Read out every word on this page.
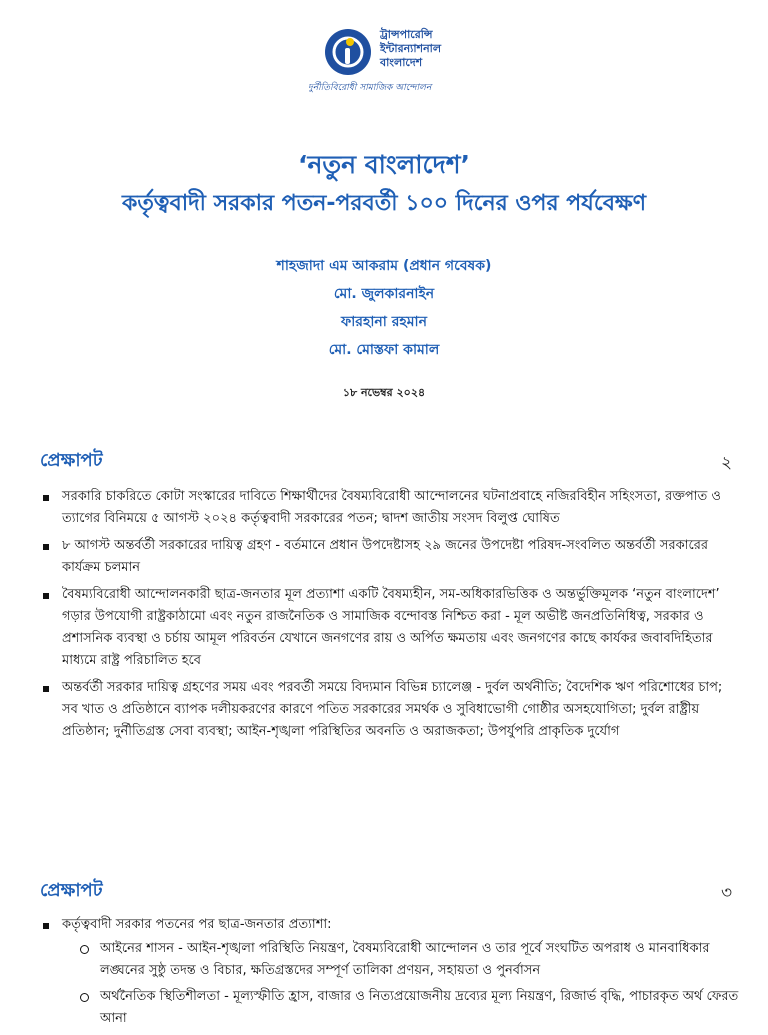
ট্রান্সপারেন্সি
ইন্টারন্যাশনাল
বাংলাদেশ
দুর্নীতিবিরোধী সামাজিক আন্দোলন
‘নতুন বাংলাদেশ’
কর্তৃত্ববাদী সরকার পতন-পরবর্তী ১০০ দিনের ওপর পর্যবেক্ষণ
শাহজাদা এম আকরাম (প্রধান গবেষক)
মো. জুলকারনাইন
ফারহানা রহমান
মো. মোস্তফা কামাল
১৮ নভেম্বর ২০২৪
প্রেক্ষাপট	২
সরকারি চাকরিতে কোটা সংস্কারের দাবিতে শিক্ষার্থীদের বৈষম্যবিরোধী আন্দোলনের ঘটনাপ্রবাহে নজিরবিহীন সহিংসতা, রক্তপাত ও ত্যাগের বিনিময়ে ৫ আগস্ট ২০২৪ কর্তৃত্ববাদী সরকারের পতন; দ্বাদশ জাতীয় সংসদ বিলুপ্ত ঘোষিত
৮ আগস্ট অন্তর্বর্তী সরকারের দায়িত্ব গ্রহণ - বর্তমানে প্রধান উপদেষ্টাসহ ২৯ জনের উপদেষ্টা পরিষদ-সংবলিত অন্তর্বর্তী সরকারের কার্যক্রম চলমান
বৈষম্যবিরোধী আন্দোলনকারী ছাত্র-জনতার মূল প্রত্যাশা একটি বৈষম্যহীন, সম-অধিকারভিত্তিক ও অন্তর্ভুক্তিমূলক ‘নতুন বাংলাদেশ’ গড়ার উপযোগী রাষ্ট্রকাঠামো এবং নতুন রাজনৈতিক ও সামাজিক বন্দোবস্ত নিশ্চিত করা - মূল অভীষ্ট জনপ্রতিনিধিত্ব, সরকার ও প্রশাসনিক ব্যবস্থা ও চর্চায় আমূল পরিবর্তন যেখানে জনগণের রায় ও অর্পিত ক্ষমতায় এবং জনগণের কাছে কার্যকর জবাবদিহিতার মাধ্যমে রাষ্ট্র পরিচালিত হবে
অন্তর্বর্তী সরকার দায়িত্ব গ্রহণের সময় এবং পরবর্তী সময়ে বিদ্যমান বিভিন্ন চ্যালেঞ্জ - দুর্বল অর্থনীতি; বৈদেশিক ঋণ পরিশোধের চাপ; সব খাত ও প্রতিষ্ঠানে ব্যাপক দলীয়করণের কারণে পতিত সরকারের সমর্থক ও সুবিধাভোগী গোষ্ঠীর অসহযোগিতা; দুর্বল রাষ্ট্রীয় প্রতিষ্ঠান; দুর্নীতিগ্রস্ত সেবা ব্যবস্থা; আইন-শৃঙ্খলা পরিস্থিতির অবনতি ও অরাজকতা; উপর্যুপরি প্রাকৃতিক দুর্যোগ
প্রেক্ষাপট	৩
কর্তৃত্ববাদী সরকার পতনের পর ছাত্র-জনতার প্রত্যাশা:
আইনের শাসন - আইন-শৃঙ্খলা পরিস্থিতি নিয়ন্ত্রণ, বৈষম্যবিরোধী আন্দোলন ও তার পূর্বে সংঘটিত অপরাধ ও মানবাধিকার লঙ্ঘনের সুষ্ঠু তদন্ত ও বিচার, ক্ষতিগ্রস্তদের সম্পূর্ণ তালিকা প্রণয়ন, সহায়তা ও পুনর্বাসন
অর্থনৈতিক স্থিতিশীলতা - মূল্যস্ফীতি হ্রাস, বাজার ও নিত্যপ্রয়োজনীয় দ্রব্যের মূল্য নিয়ন্ত্রণ, রিজার্ভ বৃদ্ধি, পাচারকৃত অর্থ ফেরত আনা
